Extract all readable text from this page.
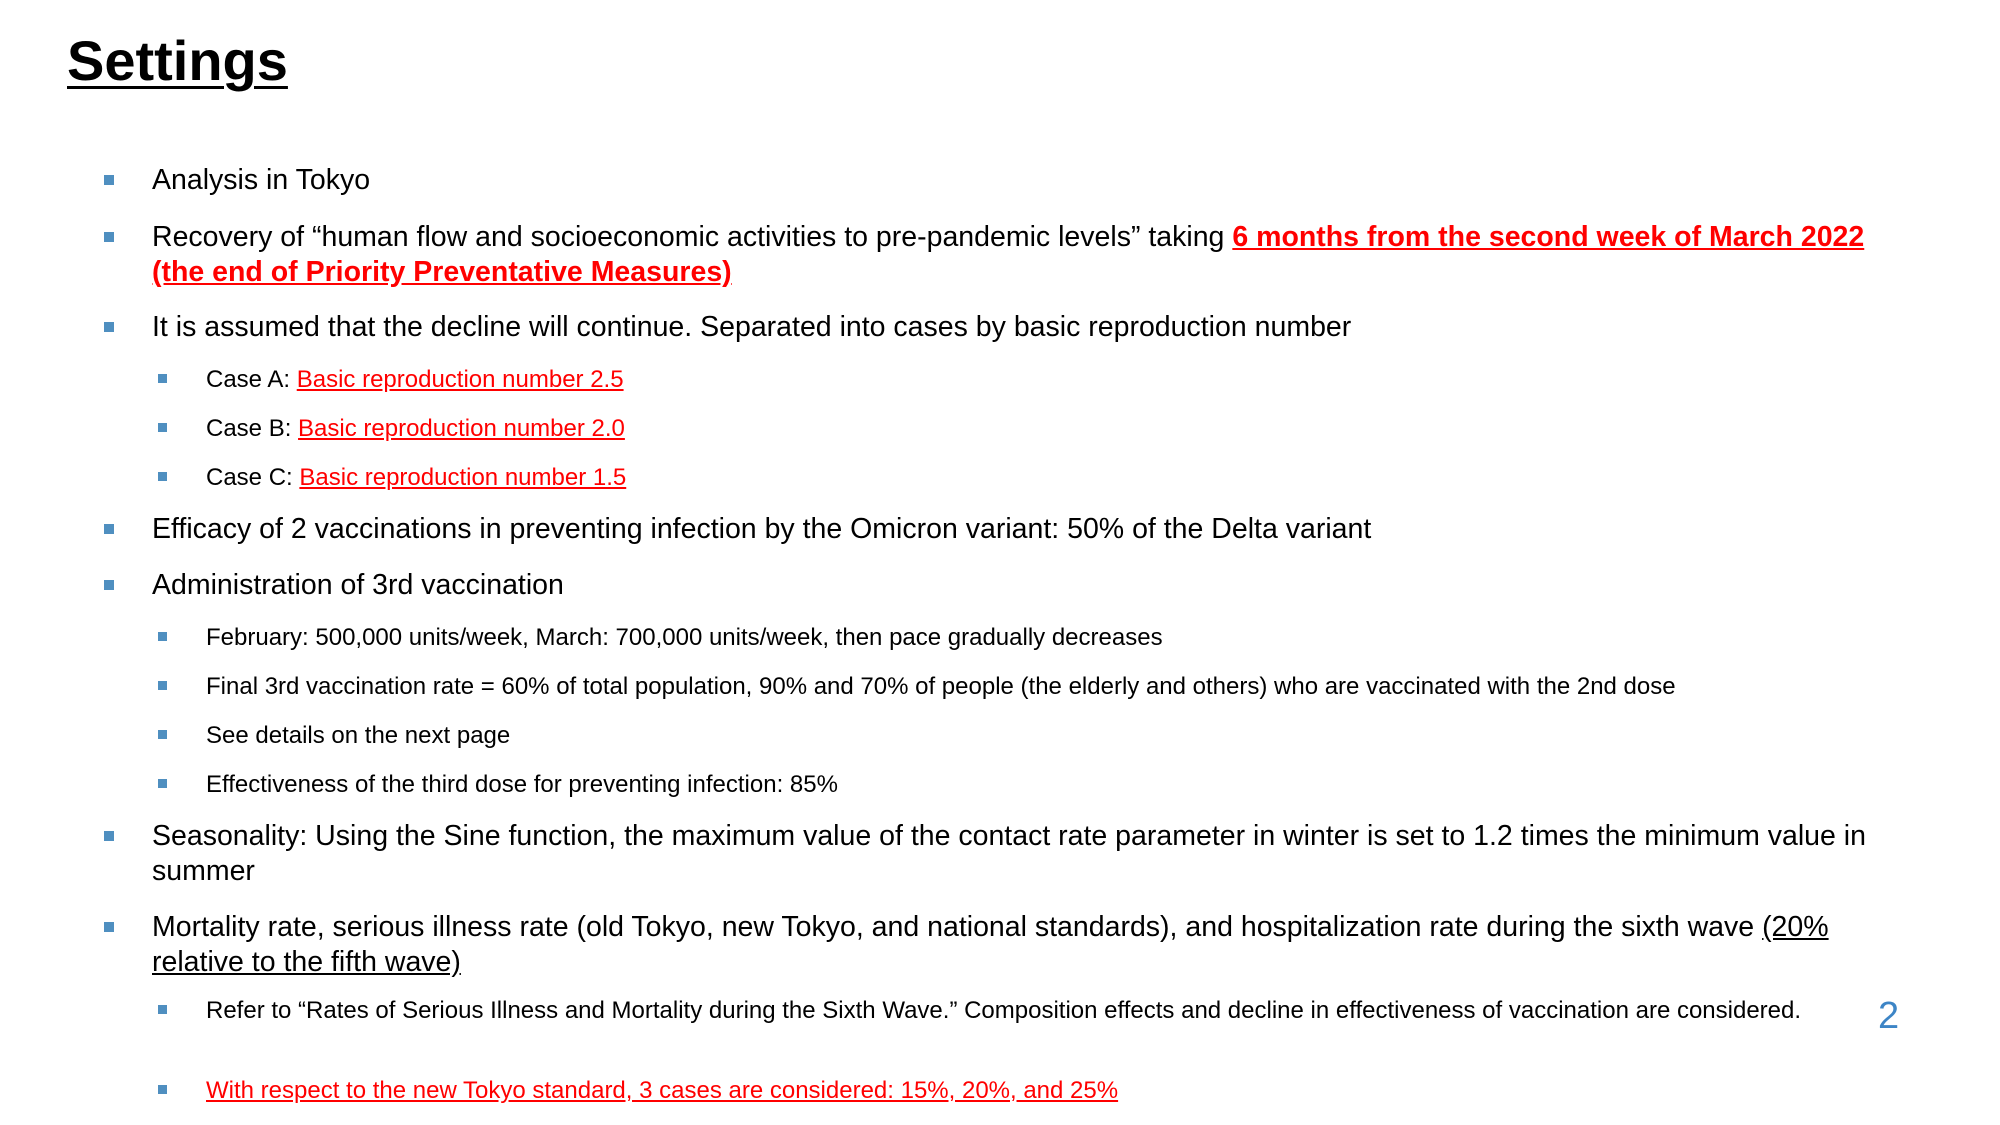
Settings
Analysis in Tokyo
Recovery of “human flow and socioeconomic activities to pre-pandemic levels” taking 6 months from the second week of March 2022 (the end of Priority Preventative Measures)
It is assumed that the decline will continue. Separated into cases by basic reproduction number
Case A: Basic reproduction number 2.5
Case B: Basic reproduction number 2.0
Case C: Basic reproduction number 1.5
Efficacy of 2 vaccinations in preventing infection by the Omicron variant: 50% of the Delta variant
Administration of 3rd vaccination
February: 500,000 units/week, March: 700,000 units/week, then pace gradually decreases
Final 3rd vaccination rate = 60% of total population, 90% and 70% of people (the elderly and others) who are vaccinated with the 2nd dose
See details on the next page
Effectiveness of the third dose for preventing infection: 85%
Seasonality: Using the Sine function, the maximum value of the contact rate parameter in winter is set to 1.2 times the minimum value in summer
Mortality rate, serious illness rate (old Tokyo, new Tokyo, and national standards), and hospitalization rate during the sixth wave (20% relative to the fifth wave)
Refer to “Rates of Serious Illness and Mortality during the Sixth Wave.” Composition effects and decline in effectiveness of vaccination are considered.
With respect to the new Tokyo standard, 3 cases are considered: 15%, 20%, and 25%
2
